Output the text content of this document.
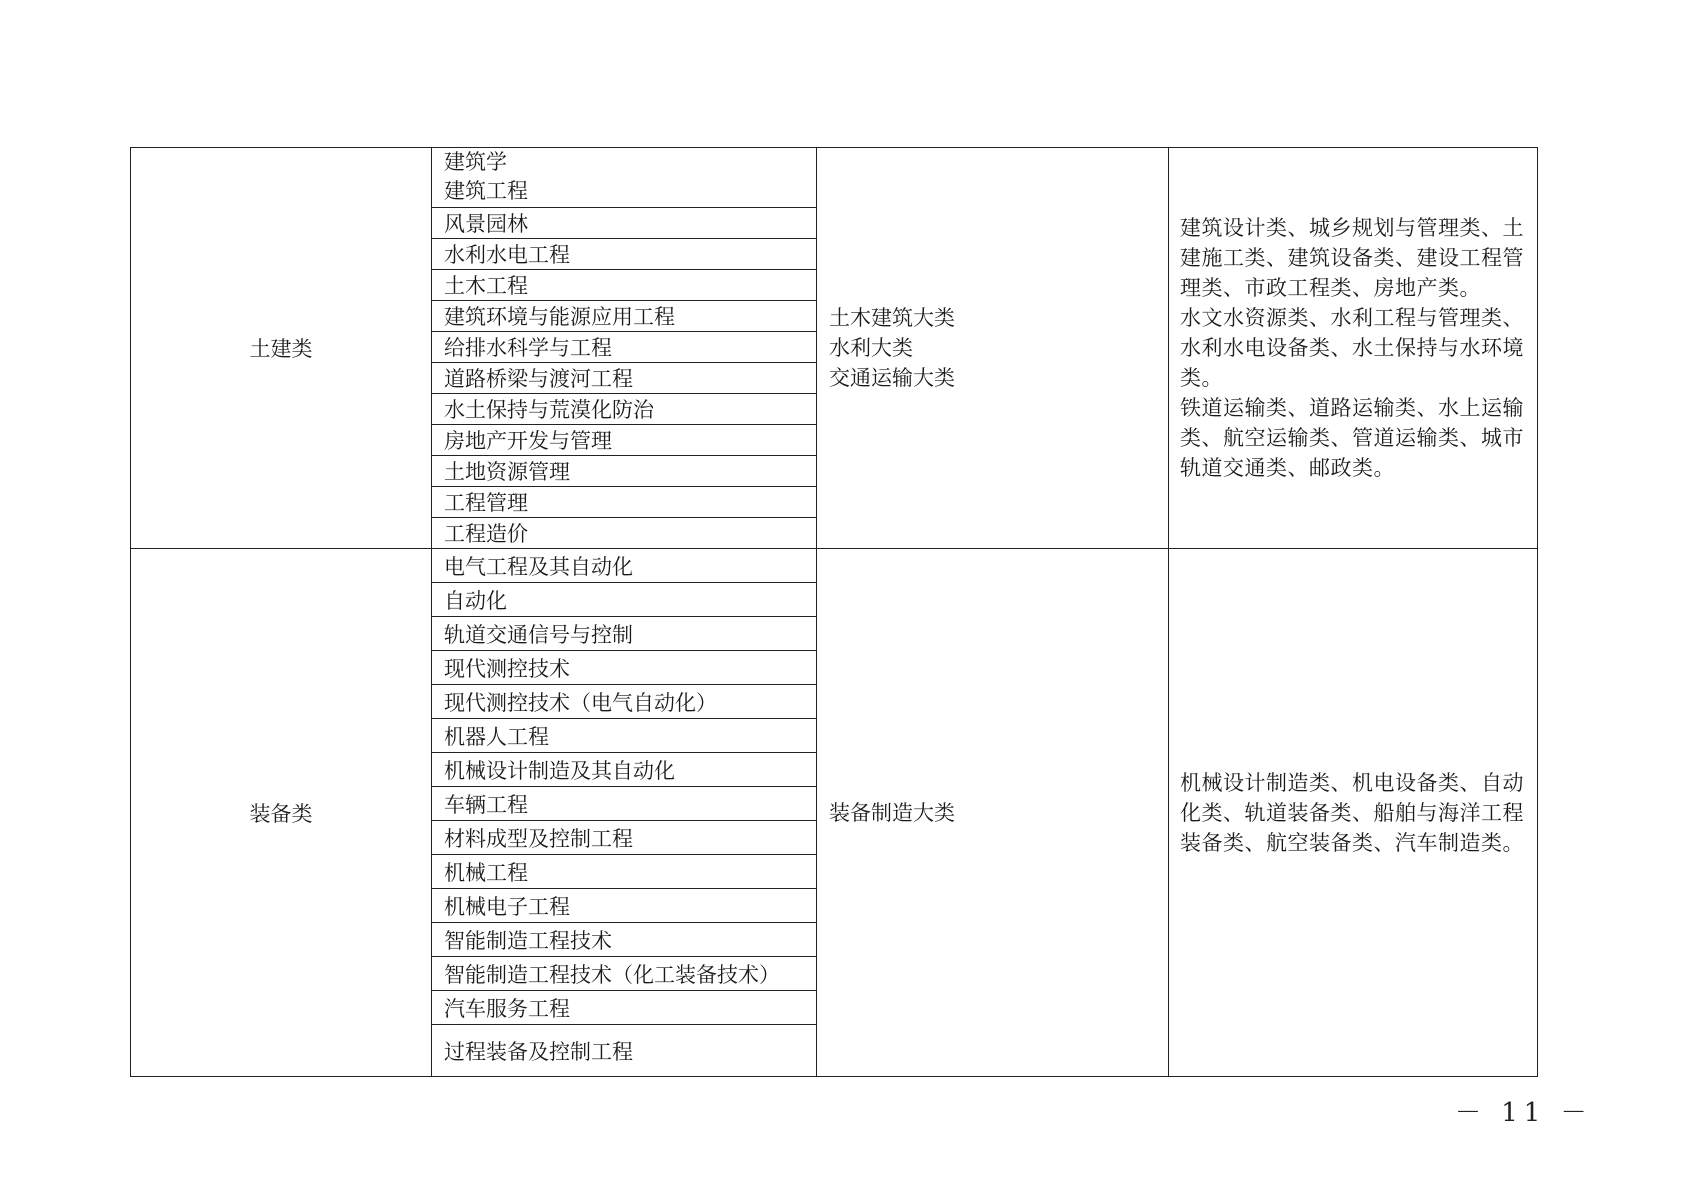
土建类
建筑学
建筑工程
风景园林
水利水电工程
土木工程
建筑环境与能源应用工程
给排水科学与工程
道路桥梁与渡河工程
水土保持与荒漠化防治
房地产开发与管理
土地资源管理
工程管理
工程造价
土木建筑大类
水利大类
交通运输大类
建筑设计类、城乡规划与管理类、土
建施工类、建筑设备类、建设工程管
理类、市政工程类、房地产类。
水文水资源类、水利工程与管理类、
水利水电设备类、水土保持与水环境
类。
铁道运输类、道路运输类、水上运输
类、航空运输类、管道运输类、城市
轨道交通类、邮政类。
装备类
电气工程及其自动化
自动化
轨道交通信号与控制
现代测控技术
现代测控技术（电气自动化）
机器人工程
机械设计制造及其自动化
车辆工程
材料成型及控制工程
机械工程
机械电子工程
智能制造工程技术
智能制造工程技术（化工装备技术）
汽车服务工程
过程装备及控制工程
装备制造大类
机械设计制造类、机电设备类、自动
化类、轨道装备类、船舶与海洋工程
装备类、航空装备类、汽车制造类。
－ 11 －
